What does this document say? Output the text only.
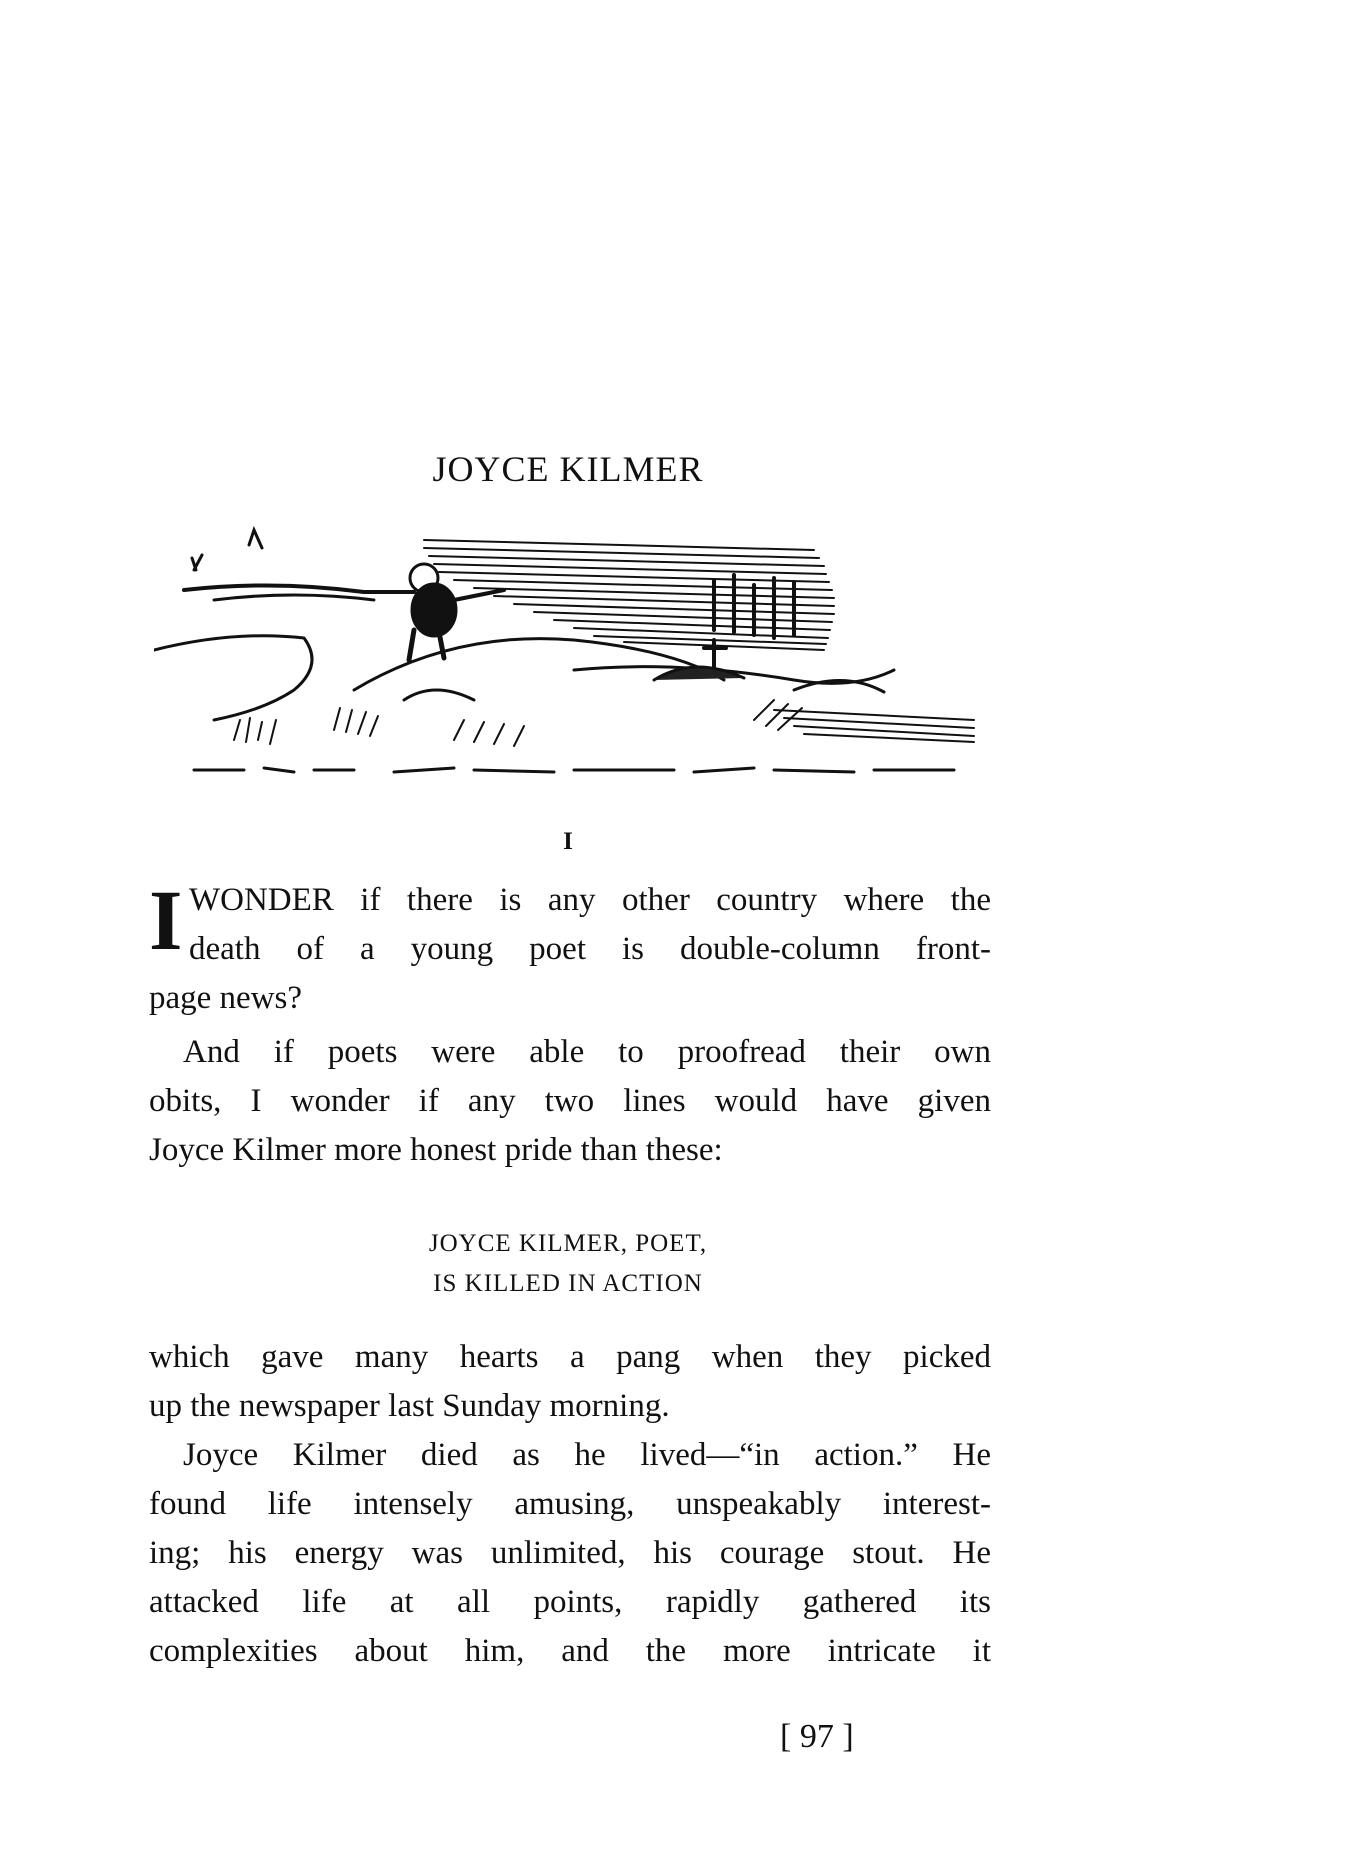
JOYCE KILMER
I
I WONDER if there is any other country where the
death of a young poet is double-column front-
page news?
And if poets were able to proofread their own
obits, I wonder if any two lines would have given
Joyce Kilmer more honest pride than these:
JOYCE KILMER, POET,
IS KILLED IN ACTION
which gave many hearts a pang when they picked
up the newspaper last Sunday morning.
Joyce Kilmer died as he lived—“in action.” He
found life intensely amusing, unspeakably interest-
ing; his energy was unlimited, his courage stout. He
attacked life at all points, rapidly gathered its
complexities about him, and the more intricate it
[ 97 ]
